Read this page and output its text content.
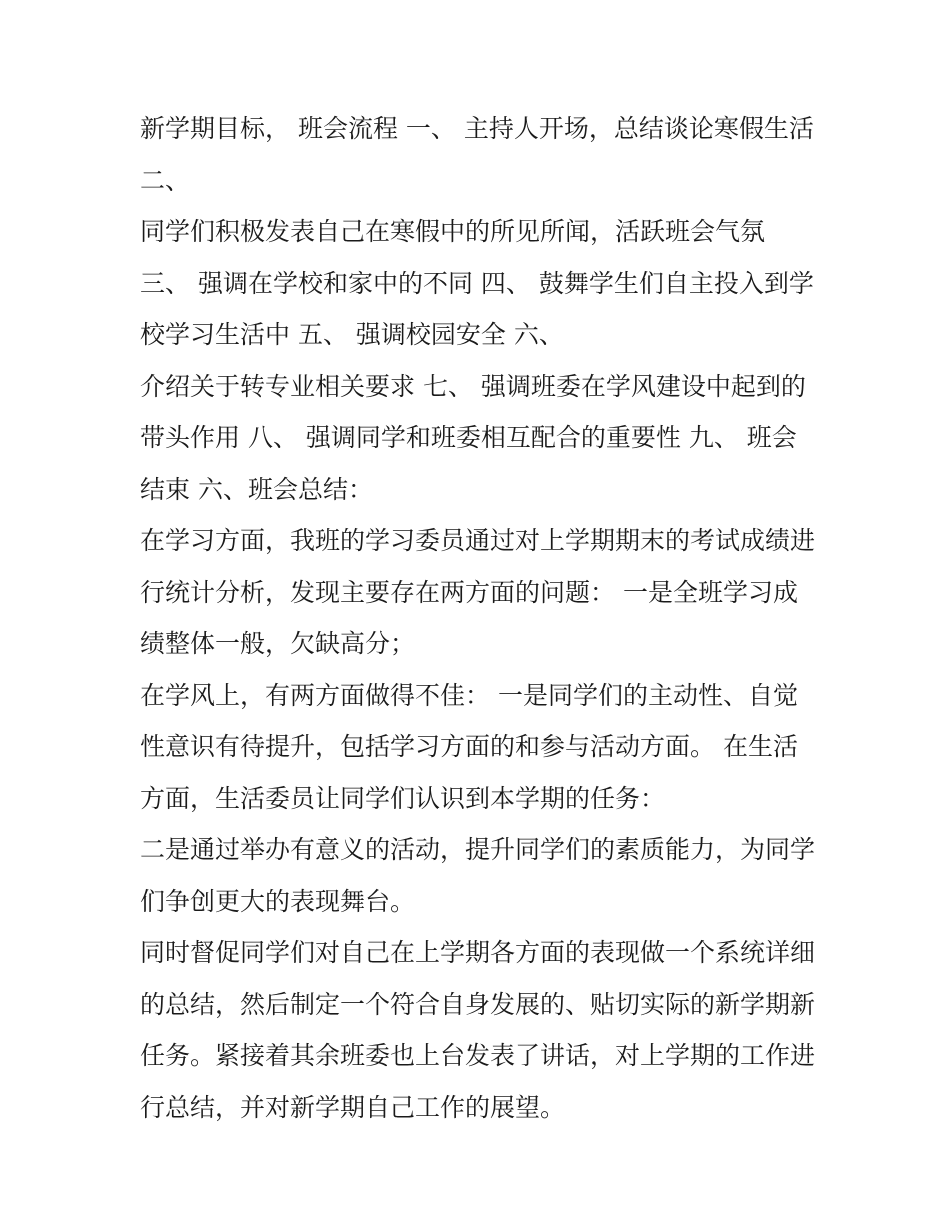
新学期目标， 班会流程 一、 主持人开场，总结谈论寒假生活
二、
同学们积极发表自己在寒假中的所见所闻，活跃班会气氛
三、 强调在学校和家中的不同 四、 鼓舞学生们自主投入到学
校学习生活中 五、 强调校园安全 六、
介绍关于转专业相关要求 七、 强调班委在学风建设中起到的
带头作用 八、 强调同学和班委相互配合的重要性 九、 班会
结束 六、班会总结：
在学习方面，我班的学习委员通过对上学期期末的考试成绩进
行统计分析，发现主要存在两方面的问题： 一是全班学习成
绩整体一般，欠缺高分；
在学风上，有两方面做得不佳： 一是同学们的主动性、自觉
性意识有待提升，包括学习方面的和参与活动方面。 在生活
方面，生活委员让同学们认识到本学期的任务：
二是通过举办有意义的活动，提升同学们的素质能力，为同学
们争创更大的表现舞台。
同时督促同学们对自己在上学期各方面的表现做一个系统详细
的总结，然后制定一个符合自身发展的、贴切实际的新学期新
任务。紧接着其余班委也上台发表了讲话，对上学期的工作进
行总结，并对新学期自己工作的展望。
